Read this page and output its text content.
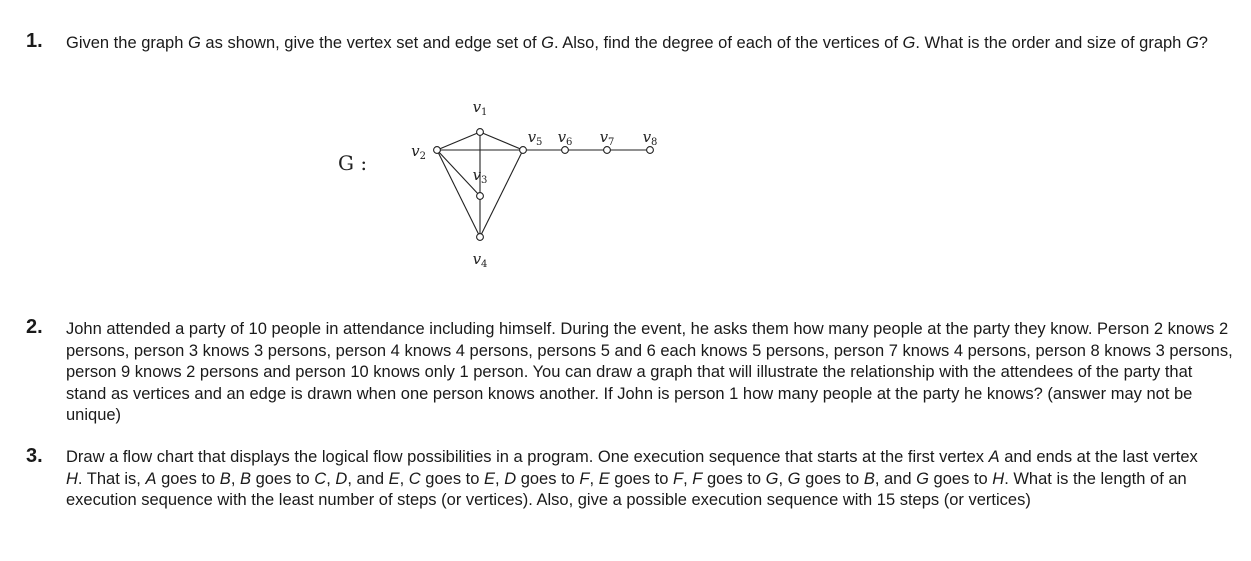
1. Given the graph G as shown, give the vertex set and edge set of G. Also, find the degree of each of the vertices of G. What is the order and size of graph G?
G :
$v_1$
$v_2$
$v_3$
$v_4$
$v_5$ $v_6$ $v_7$ $v_8$
2. John attended a party of 10 people in attendance including himself. During the event, he asks them how many people at the party they know. Person 2 knows 2 persons, person 3 knows 3 persons, person 4 knows 4 persons, persons 5 and 6 each knows 5 persons, person 7 knows 4 persons, person 8 knows 3 persons, person 9 knows 2 persons and person 10 knows only 1 person. You can draw a graph that will illustrate the relationship with the attendees of the party that stand as vertices and an edge is drawn when one person knows another. If John is person 1 how many people at the party he knows? (answer may not be unique)
3. Draw a flow chart that displays the logical flow possibilities in a program. One execution sequence that starts at the first vertex A and ends at the last vertex H. That is, A goes to B, B goes to C, D, and E, C goes to E, D goes to F, E goes to F, F goes to G, G goes to B, and G goes to H. What is the length of an execution sequence with the least number of steps (or vertices). Also, give a possible execution sequence with 15 steps (or vertices)
